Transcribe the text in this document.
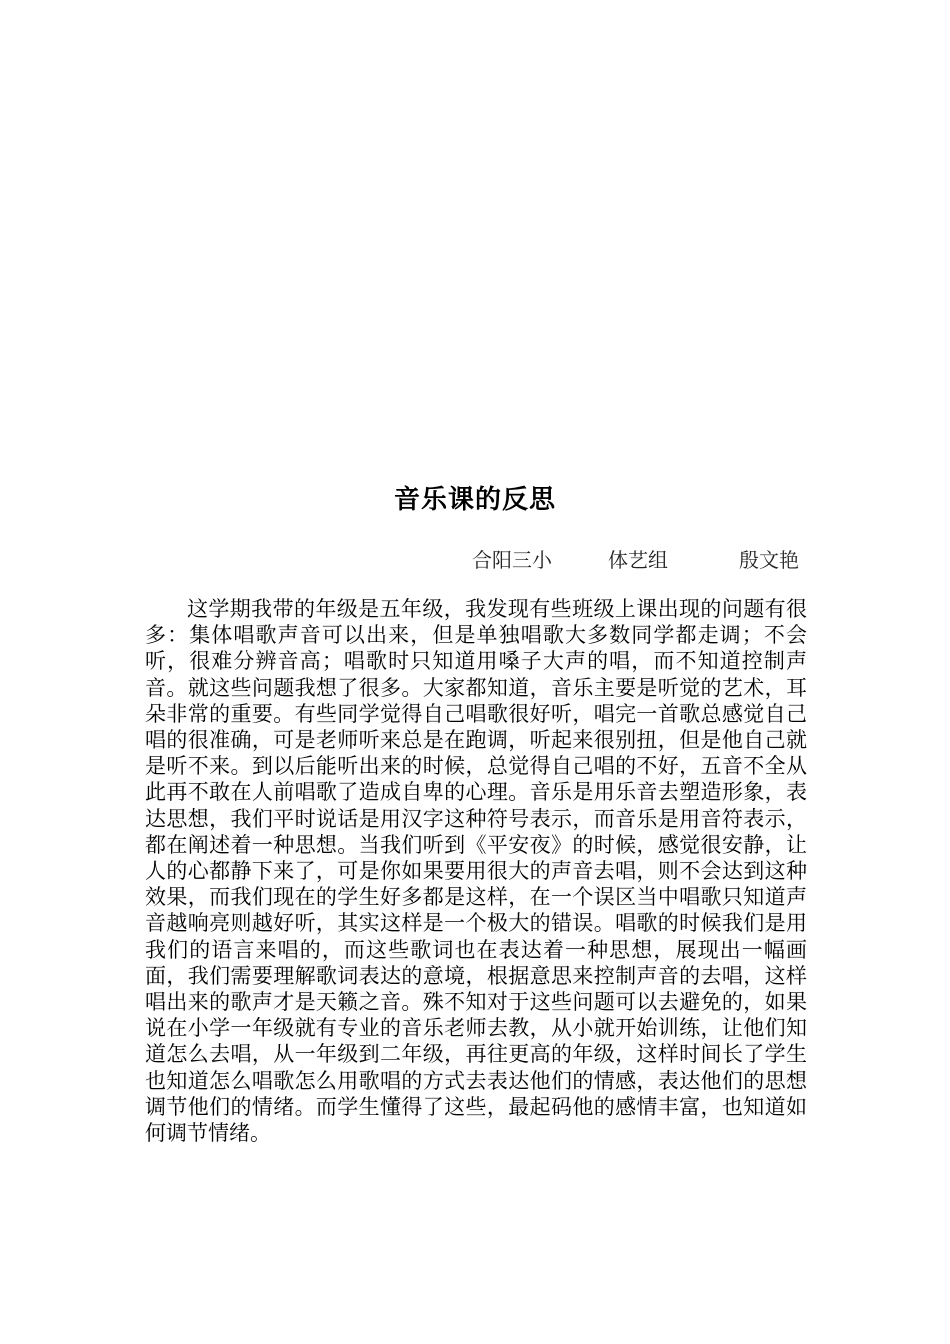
音乐课的反思
合阳三小	体艺组	殷文艳

这学期我带的年级是五年级，我发现有些班级上课出现的问题有很多：集体唱歌声音可以出来，但是单独唱歌大多数同学都走调；不会听，很难分辨音高；唱歌时只知道用嗓子大声的唱，而不知道控制声音。就这些问题我想了很多。大家都知道，音乐主要是听觉的艺术，耳朵非常的重要。有些同学觉得自己唱歌很好听，唱完一首歌总感觉自己唱的很准确，可是老师听来总是在跑调，听起来很别扭，但是他自己就是听不来。到以后能听出来的时候，总觉得自己唱的不好，五音不全从此再不敢在人前唱歌了造成自卑的心理。音乐是用乐音去塑造形象，表达思想，我们平时说话是用汉字这种符号表示，而音乐是用音符表示，都在阐述着一种思想。当我们听到《平安夜》的时候，感觉很安静，让人的心都静下来了，可是你如果要用很大的声音去唱，则不会达到这种效果，而我们现在的学生好多都是这样，在一个误区当中唱歌只知道声音越响亮则越好听，其实这样是一个极大的错误。唱歌的时候我们是用我们的语言来唱的，而这些歌词也在表达着一种思想，展现出一幅画面，我们需要理解歌词表达的意境，根据意思来控制声音的去唱，这样唱出来的歌声才是天籁之音。殊不知对于这些问题可以去避免的，如果说在小学一年级就有专业的音乐老师去教，从小就开始训练，让他们知道怎么去唱，从一年级到二年级，再往更高的年级，这样时间长了学生也知道怎么唱歌怎么用歌唱的方式去表达他们的情感，表达他们的思想调节他们的情绪。而学生懂得了这些，最起码他的感情丰富，也知道如何调节情绪。
